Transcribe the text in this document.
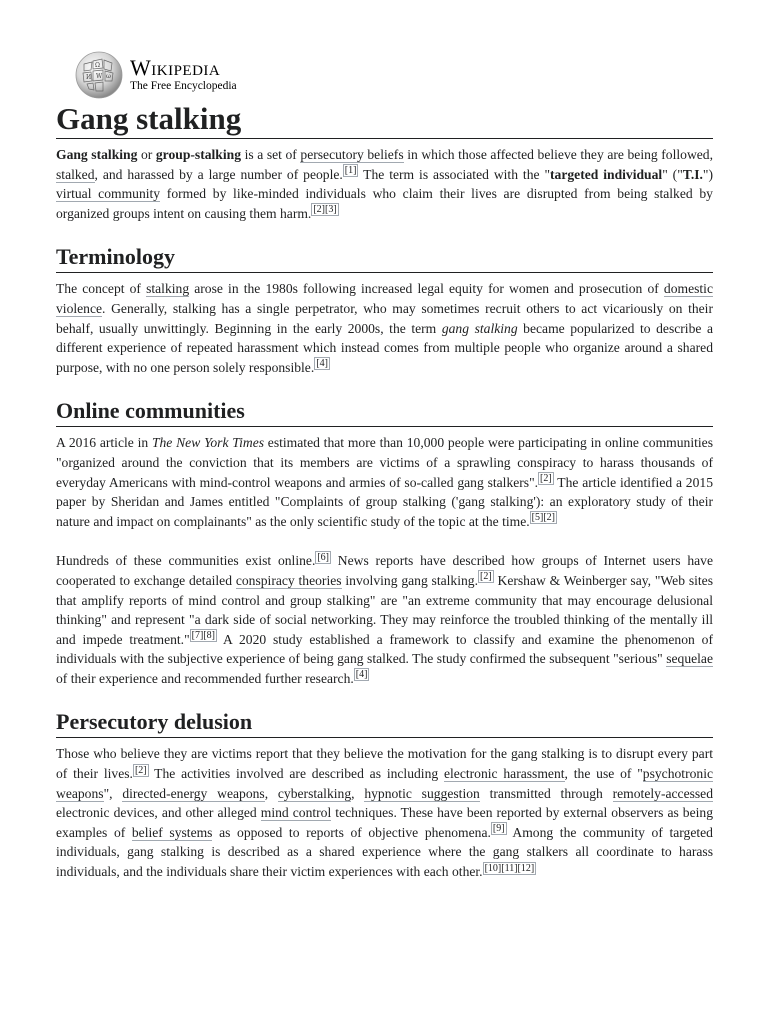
Ω
И W ω Wikipedia
The Free Encyclopedia
Gang stalking

Gang stalking or group-stalking is a set of persecutory beliefs in which those affected believe they are being followed, stalked, and harassed by a large number of people. [1] The term is associated with the "targeted individual" ("T.I.") virtual community formed by like-minded individuals who claim their lives are disrupted from being stalked by organized groups intent on causing them harm. [2][3]

Terminology

The concept of stalking arose in the 1980s following increased legal equity for women and prosecution of domestic violence. Generally, stalking has a single perpetrator, who may sometimes recruit others to act vicariously on their behalf, usually unwittingly. Beginning in the early 2000s, the term gang stalking became popularized to describe a different experience of repeated harassment which instead comes from multiple people who organize around a shared purpose, with no one person solely responsible. [4]

Online communities

A 2016 article in The New York Times estimated that more than 10,000 people were participating in online communities "organized around the conviction that its members are victims of a sprawling conspiracy to harass thousands of everyday Americans with mind-control weapons and armies of so-called gang stalkers". [2] The article identified a 2015 paper by Sheridan and James entitled "Complaints of group stalking ('gang stalking'): an exploratory study of their nature and impact on complainants" as the only scientific study of the topic at the time. [5][2]

Hundreds of these communities exist online. [6] News reports have described how groups of Internet users have cooperated to exchange detailed conspiracy theories involving gang stalking. [2] Kershaw & Weinberger say, "Web sites that amplify reports of mind control and group stalking" are "an extreme community that may encourage delusional thinking" and represent "a dark side of social networking. They may reinforce the troubled thinking of the mentally ill and impede treatment." [7][8] A 2020 study established a framework to classify and examine the phenomenon of individuals with the subjective experience of being gang stalked. The study confirmed the subsequent "serious" sequelae of their experience and recommended further research. [4]

Persecutory delusion

Those who believe they are victims report that they believe the motivation for the gang stalking is to disrupt every part of their lives. [2] The activities involved are described as including electronic harassment, the use of "psychotronic weapons", directed-energy weapons, cyberstalking, hypnotic suggestion transmitted through remotely-accessed electronic devices, and other alleged mind control techniques. These have been reported by external observers as being examples of belief systems as opposed to reports of objective phenomena. [9] Among the community of targeted individuals, gang stalking is described as a shared experience where the gang stalkers all coordinate to harass individuals, and the individuals share their victim experiences with each other. [10][11][12]
